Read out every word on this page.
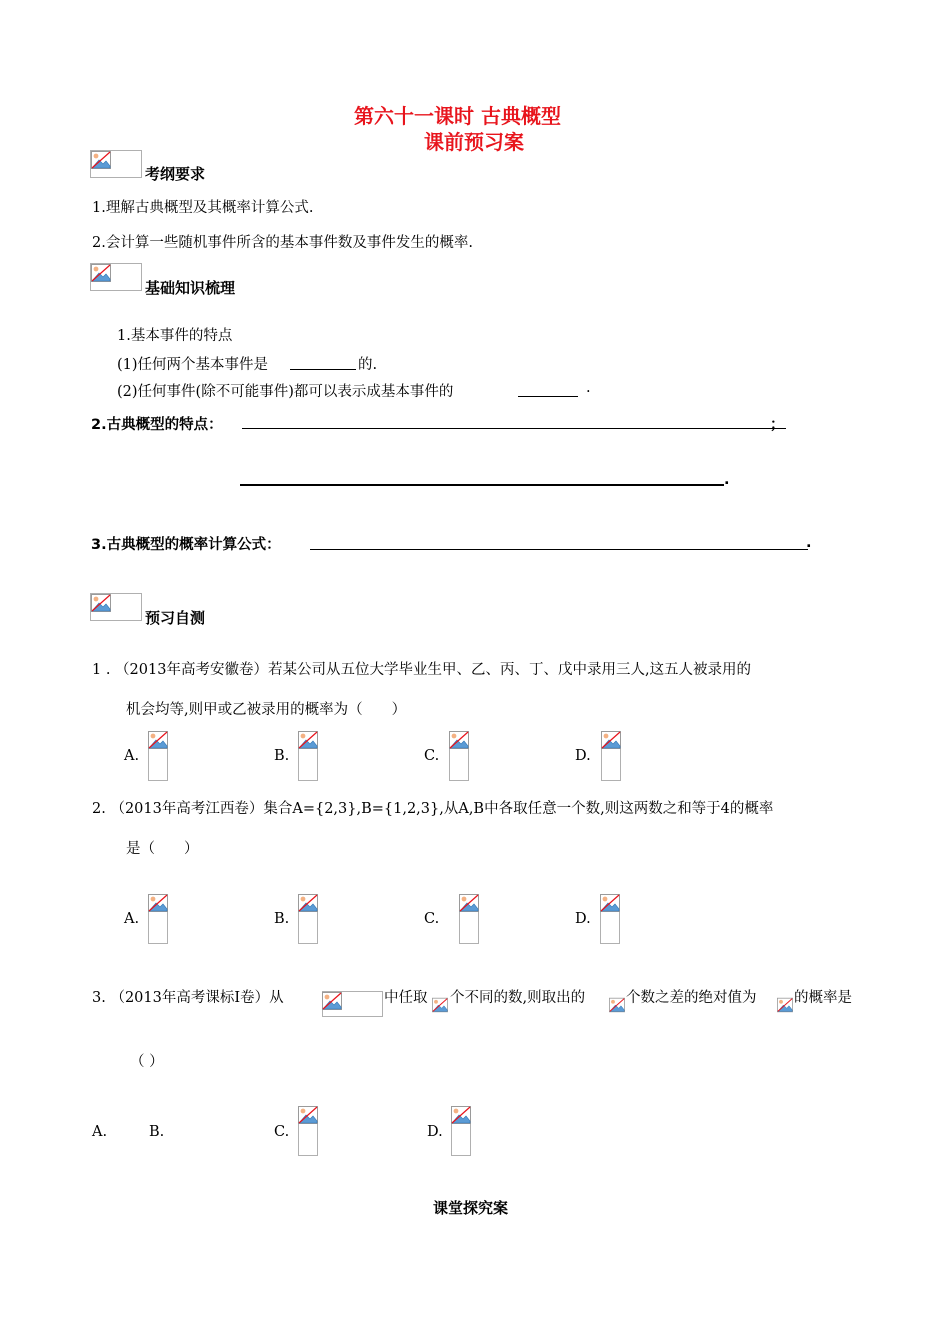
第六十一课时 古典概型
课前预习案
考纲要求
1.理解古典概型及其概率计算公式.
2.会计算一些随机事件所含的基本事件数及事件发生的概率.
基础知识梳理
1.基本事件的特点
(1)任何两个基本事件是	的.
(2)任何事件(除不可能事件)都可以表示成基本事件的	.
2.古典概型的特点：	；
.
3.古典概型的概率计算公式：	.
预习自测
1 . （2013年高考安徽卷）若某公司从五位大学毕业生甲、乙、丙、丁、戊中录用三人,这五人被录用的
机会均等,则甲或乙被录用的概率为（　　）
A.	B.	C.	D.
2. （2013年高考江西卷）集合A={2,3},B={1,2,3},从A,B中各取任意一个数,则这两数之和等于4的概率
是（　　）
A.	B.	C.	D.
3. （2013年高考课标Ⅰ卷）从	中任取 个不同的数,则取出的	个数之差的绝对值为	的概率是
（ ）
A.	B.	C.	D.
课堂探究案
